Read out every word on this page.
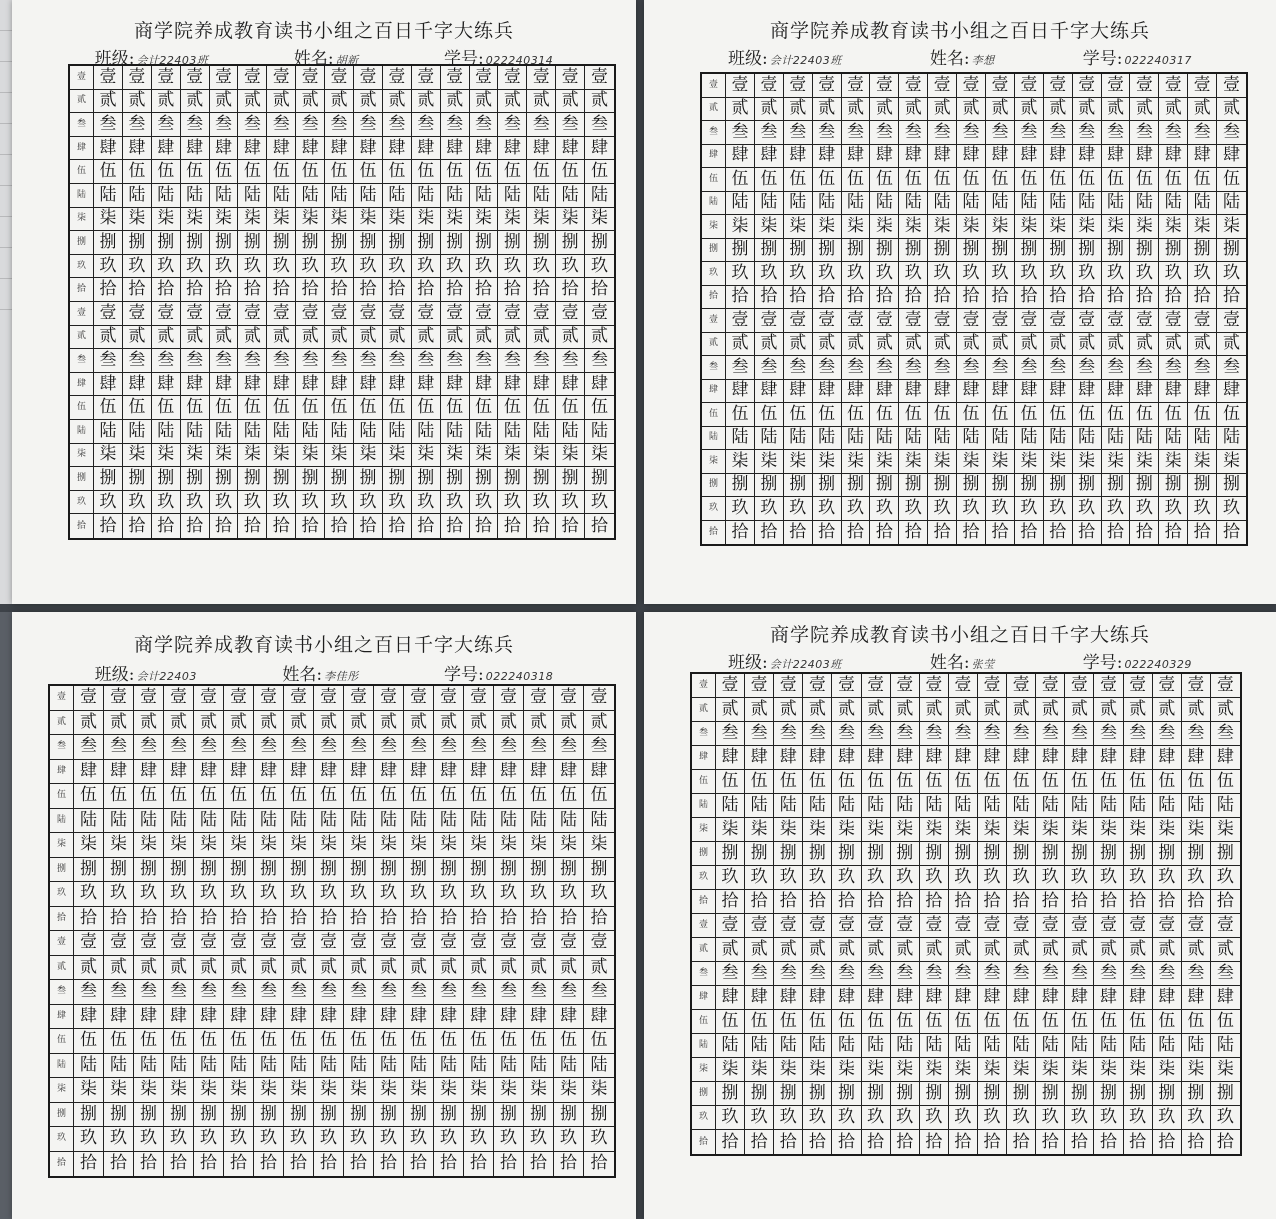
商学院养成教育读书小组之百日千字大练兵
班级: 会计22403班	姓名: 胡新	学号: 022240314
壹 壹 壹 壹 壹 壹 壹 壹 壹 壹 壹 壹 壹 壹 壹 壹 壹 壹 壹
贰 贰 贰 贰 贰 贰 贰 贰 贰 贰 贰 贰 贰 贰 贰 贰 贰 贰 贰
叁 叁 叁 叁 叁 叁 叁 叁 叁 叁 叁 叁 叁 叁 叁 叁 叁 叁 叁
肆 肆 肆 肆 肆 肆 肆 肆 肆 肆 肆 肆 肆 肆 肆 肆 肆 肆 肆
伍 伍 伍 伍 伍 伍 伍 伍 伍 伍 伍 伍 伍 伍 伍 伍 伍 伍 伍
陆 陆 陆 陆 陆 陆 陆 陆 陆 陆 陆 陆 陆 陆 陆 陆 陆 陆 陆
柒 柒 柒 柒 柒 柒 柒 柒 柒 柒 柒 柒 柒 柒 柒 柒 柒 柒 柒
捌 捌 捌 捌 捌 捌 捌 捌 捌 捌 捌 捌 捌 捌 捌 捌 捌 捌 捌
玖 玖 玖 玖 玖 玖 玖 玖 玖 玖 玖 玖 玖 玖 玖 玖 玖 玖 玖
拾 拾 拾 拾 拾 拾 拾 拾 拾 拾 拾 拾 拾 拾 拾 拾 拾 拾 拾
壹 壹 壹 壹 壹 壹 壹 壹 壹 壹 壹 壹 壹 壹 壹 壹 壹 壹 壹
贰 贰 贰 贰 贰 贰 贰 贰 贰 贰 贰 贰 贰 贰 贰 贰 贰 贰 贰
叁 叁 叁 叁 叁 叁 叁 叁 叁 叁 叁 叁 叁 叁 叁 叁 叁 叁 叁
肆 肆 肆 肆 肆 肆 肆 肆 肆 肆 肆 肆 肆 肆 肆 肆 肆 肆 肆
伍 伍 伍 伍 伍 伍 伍 伍 伍 伍 伍 伍 伍 伍 伍 伍 伍 伍 伍
陆 陆 陆 陆 陆 陆 陆 陆 陆 陆 陆 陆 陆 陆 陆 陆 陆 陆 陆
柒 柒 柒 柒 柒 柒 柒 柒 柒 柒 柒 柒 柒 柒 柒 柒 柒 柒 柒
捌 捌 捌 捌 捌 捌 捌 捌 捌 捌 捌 捌 捌 捌 捌 捌 捌 捌 捌
玖 玖 玖 玖 玖 玖 玖 玖 玖 玖 玖 玖 玖 玖 玖 玖 玖 玖 玖
拾 拾 拾 拾 拾 拾 拾 拾 拾 拾 拾 拾 拾 拾 拾 拾 拾 拾 拾
商学院养成教育读书小组之百日千字大练兵
班级: 会计22403班	姓名: 李想	学号: 022240317
壹 壹 壹 壹 壹 壹 壹 壹 壹 壹 壹 壹 壹 壹 壹 壹 壹 壹 壹
贰 贰 贰 贰 贰 贰 贰 贰 贰 贰 贰 贰 贰 贰 贰 贰 贰 贰 贰
叁 叁 叁 叁 叁 叁 叁 叁 叁 叁 叁 叁 叁 叁 叁 叁 叁 叁 叁
肆 肆 肆 肆 肆 肆 肆 肆 肆 肆 肆 肆 肆 肆 肆 肆 肆 肆 肆
伍 伍 伍 伍 伍 伍 伍 伍 伍 伍 伍 伍 伍 伍 伍 伍 伍 伍 伍
陆 陆 陆 陆 陆 陆 陆 陆 陆 陆 陆 陆 陆 陆 陆 陆 陆 陆 陆
柒 柒 柒 柒 柒 柒 柒 柒 柒 柒 柒 柒 柒 柒 柒 柒 柒 柒 柒
捌 捌 捌 捌 捌 捌 捌 捌 捌 捌 捌 捌 捌 捌 捌 捌 捌 捌 捌
玖 玖 玖 玖 玖 玖 玖 玖 玖 玖 玖 玖 玖 玖 玖 玖 玖 玖 玖
拾 拾 拾 拾 拾 拾 拾 拾 拾 拾 拾 拾 拾 拾 拾 拾 拾 拾 拾
壹 壹 壹 壹 壹 壹 壹 壹 壹 壹 壹 壹 壹 壹 壹 壹 壹 壹 壹
贰 贰 贰 贰 贰 贰 贰 贰 贰 贰 贰 贰 贰 贰 贰 贰 贰 贰 贰
叁 叁 叁 叁 叁 叁 叁 叁 叁 叁 叁 叁 叁 叁 叁 叁 叁 叁 叁
肆 肆 肆 肆 肆 肆 肆 肆 肆 肆 肆 肆 肆 肆 肆 肆 肆 肆 肆
伍 伍 伍 伍 伍 伍 伍 伍 伍 伍 伍 伍 伍 伍 伍 伍 伍 伍 伍
陆 陆 陆 陆 陆 陆 陆 陆 陆 陆 陆 陆 陆 陆 陆 陆 陆 陆 陆
柒 柒 柒 柒 柒 柒 柒 柒 柒 柒 柒 柒 柒 柒 柒 柒 柒 柒 柒
捌 捌 捌 捌 捌 捌 捌 捌 捌 捌 捌 捌 捌 捌 捌 捌 捌 捌 捌
玖 玖 玖 玖 玖 玖 玖 玖 玖 玖 玖 玖 玖 玖 玖 玖 玖 玖 玖
拾 拾 拾 拾 拾 拾 拾 拾 拾 拾 拾 拾 拾 拾 拾 拾 拾 拾 拾
商学院养成教育读书小组之百日千字大练兵
班级: 会计22403	姓名: 李佳彤	学号: 022240318
壹 壹 壹 壹 壹 壹 壹 壹 壹 壹 壹 壹 壹 壹 壹 壹 壹 壹 壹
贰 贰 贰 贰 贰 贰 贰 贰 贰 贰 贰 贰 贰 贰 贰 贰 贰 贰 贰
叁 叁 叁 叁 叁 叁 叁 叁 叁 叁 叁 叁 叁 叁 叁 叁 叁 叁 叁
肆 肆 肆 肆 肆 肆 肆 肆 肆 肆 肆 肆 肆 肆 肆 肆 肆 肆 肆
伍 伍 伍 伍 伍 伍 伍 伍 伍 伍 伍 伍 伍 伍 伍 伍 伍 伍 伍
陆 陆 陆 陆 陆 陆 陆 陆 陆 陆 陆 陆 陆 陆 陆 陆 陆 陆 陆
柒 柒 柒 柒 柒 柒 柒 柒 柒 柒 柒 柒 柒 柒 柒 柒 柒 柒 柒
捌 捌 捌 捌 捌 捌 捌 捌 捌 捌 捌 捌 捌 捌 捌 捌 捌 捌 捌
玖 玖 玖 玖 玖 玖 玖 玖 玖 玖 玖 玖 玖 玖 玖 玖 玖 玖 玖
拾 拾 拾 拾 拾 拾 拾 拾 拾 拾 拾 拾 拾 拾 拾 拾 拾 拾 拾
壹 壹 壹 壹 壹 壹 壹 壹 壹 壹 壹 壹 壹 壹 壹 壹 壹 壹 壹
贰 贰 贰 贰 贰 贰 贰 贰 贰 贰 贰 贰 贰 贰 贰 贰 贰 贰 贰
叁 叁 叁 叁 叁 叁 叁 叁 叁 叁 叁 叁 叁 叁 叁 叁 叁 叁 叁
肆 肆 肆 肆 肆 肆 肆 肆 肆 肆 肆 肆 肆 肆 肆 肆 肆 肆 肆
伍 伍 伍 伍 伍 伍 伍 伍 伍 伍 伍 伍 伍 伍 伍 伍 伍 伍 伍
陆 陆 陆 陆 陆 陆 陆 陆 陆 陆 陆 陆 陆 陆 陆 陆 陆 陆 陆
柒 柒 柒 柒 柒 柒 柒 柒 柒 柒 柒 柒 柒 柒 柒 柒 柒 柒 柒
捌 捌 捌 捌 捌 捌 捌 捌 捌 捌 捌 捌 捌 捌 捌 捌 捌 捌 捌
玖 玖 玖 玖 玖 玖 玖 玖 玖 玖 玖 玖 玖 玖 玖 玖 玖 玖 玖
拾 拾 拾 拾 拾 拾 拾 拾 拾 拾 拾 拾 拾 拾 拾 拾 拾 拾 拾
商学院养成教育读书小组之百日千字大练兵
班级: 会计22403班	姓名: 张莹	学号: 022240329
壹 壹 壹 壹 壹 壹 壹 壹 壹 壹 壹 壹 壹 壹 壹 壹 壹 壹 壹
贰 贰 贰 贰 贰 贰 贰 贰 贰 贰 贰 贰 贰 贰 贰 贰 贰 贰 贰
叁 叁 叁 叁 叁 叁 叁 叁 叁 叁 叁 叁 叁 叁 叁 叁 叁 叁 叁
肆 肆 肆 肆 肆 肆 肆 肆 肆 肆 肆 肆 肆 肆 肆 肆 肆 肆 肆
伍 伍 伍 伍 伍 伍 伍 伍 伍 伍 伍 伍 伍 伍 伍 伍 伍 伍 伍
陆 陆 陆 陆 陆 陆 陆 陆 陆 陆 陆 陆 陆 陆 陆 陆 陆 陆 陆
柒 柒 柒 柒 柒 柒 柒 柒 柒 柒 柒 柒 柒 柒 柒 柒 柒 柒 柒
捌 捌 捌 捌 捌 捌 捌 捌 捌 捌 捌 捌 捌 捌 捌 捌 捌 捌 捌
玖 玖 玖 玖 玖 玖 玖 玖 玖 玖 玖 玖 玖 玖 玖 玖 玖 玖 玖
拾 拾 拾 拾 拾 拾 拾 拾 拾 拾 拾 拾 拾 拾 拾 拾 拾 拾 拾
壹 壹 壹 壹 壹 壹 壹 壹 壹 壹 壹 壹 壹 壹 壹 壹 壹 壹 壹
贰 贰 贰 贰 贰 贰 贰 贰 贰 贰 贰 贰 贰 贰 贰 贰 贰 贰 贰
叁 叁 叁 叁 叁 叁 叁 叁 叁 叁 叁 叁 叁 叁 叁 叁 叁 叁 叁
肆 肆 肆 肆 肆 肆 肆 肆 肆 肆 肆 肆 肆 肆 肆 肆 肆 肆 肆
伍 伍 伍 伍 伍 伍 伍 伍 伍 伍 伍 伍 伍 伍 伍 伍 伍 伍 伍
陆 陆 陆 陆 陆 陆 陆 陆 陆 陆 陆 陆 陆 陆 陆 陆 陆 陆 陆
柒 柒 柒 柒 柒 柒 柒 柒 柒 柒 柒 柒 柒 柒 柒 柒 柒 柒 柒
捌 捌 捌 捌 捌 捌 捌 捌 捌 捌 捌 捌 捌 捌 捌 捌 捌 捌 捌
玖 玖 玖 玖 玖 玖 玖 玖 玖 玖 玖 玖 玖 玖 玖 玖 玖 玖 玖
拾 拾 拾 拾 拾 拾 拾 拾 拾 拾 拾 拾 拾 拾 拾 拾 拾 拾 拾
